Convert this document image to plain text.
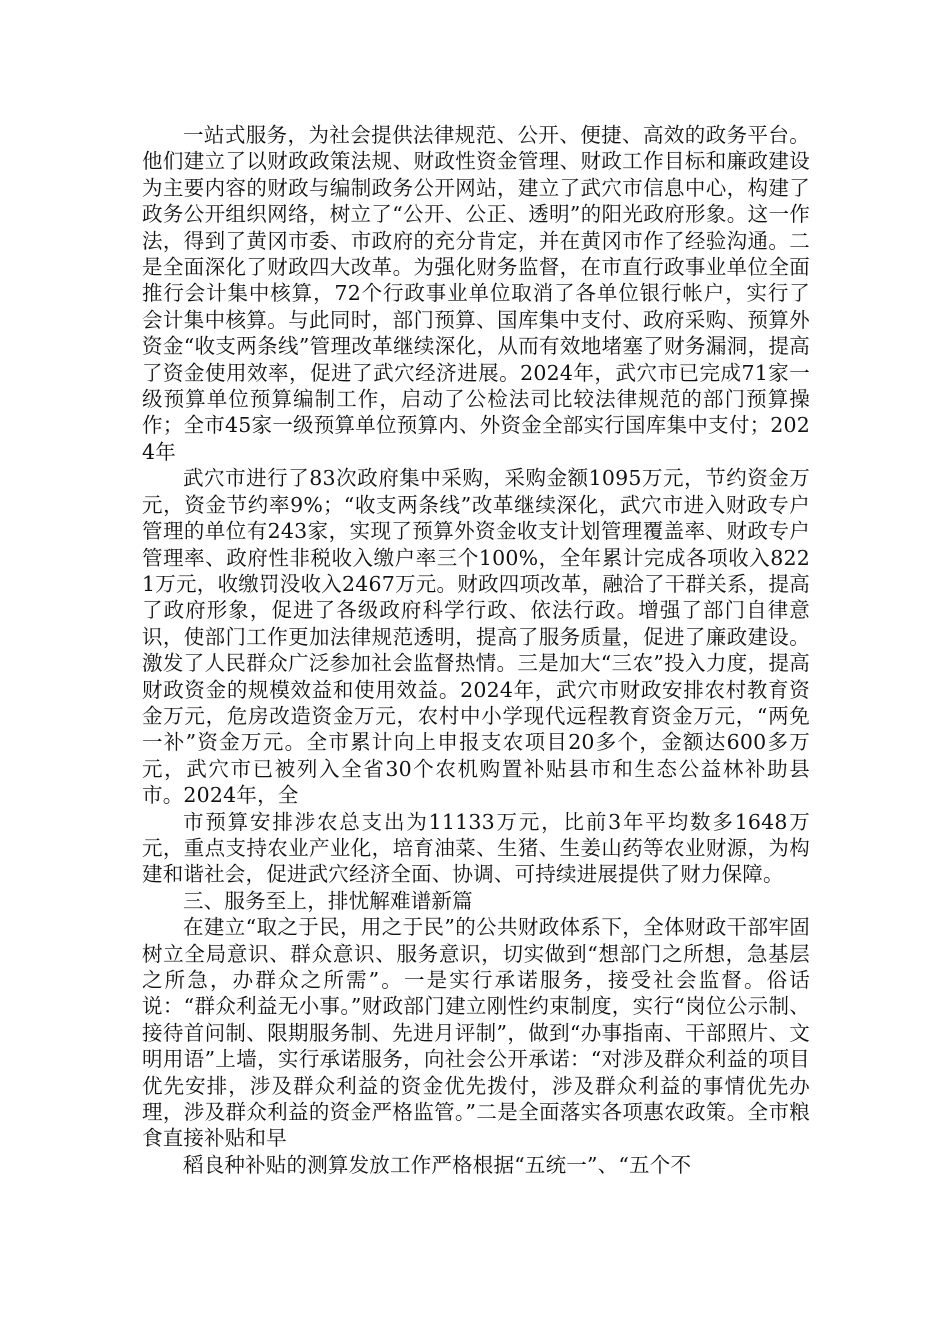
一站式服务，为社会提供法律规范、公开、便捷、高效的政务平台。他们建立了以财政政策法规、财政性资金管理、财政工作目标和廉政建设为主要内容的财政与编制政务公开网站，建立了武穴市信息中心，构建了政务公开组织网络，树立了“公开、公正、透明”的阳光政府形象。这一作法，得到了黄冈市委、市政府的充分肯定，并在黄冈市作了经验沟通。二是全面深化了财政四大改革。为强化财务监督，在市直行政事业单位全面推行会计集中核算，72个行政事业单位取消了各单位银行帐户，实行了会计集中核算。与此同时，部门预算、国库集中支付、政府采购、预算外资金“收支两条线”管理改革继续深化，从而有效地堵塞了财务漏洞，提高了资金使用效率，促进了武穴经济进展。2024年，武穴市已完成71家一级预算单位预算编制工作，启动了公检法司比较法律规范的部门预算操作；全市45家一级预算单位预算内、外资金全部实行国库集中支付；2024年

武穴市进行了83次政府集中采购，采购金额1095万元，节约资金万元，资金节约率9%；“收支两条线”改革继续深化，武穴市进入财政专户管理的单位有243家，实现了预算外资金收支计划管理覆盖率、财政专户管理率、政府性非税收入缴户率三个100%，全年累计完成各项收入8221万元，收缴罚没收入2467万元。财政四项改革，融洽了干群关系，提高了政府形象，促进了各级政府科学行政、依法行政。增强了部门自律意识，使部门工作更加法律规范透明，提高了服务质量，促进了廉政建设。激发了人民群众广泛参加社会监督热情。三是加大“三农”投入力度，提高财政资金的规模效益和使用效益。2024年，武穴市财政安排农村教育资金万元，危房改造资金万元，农村中小学现代远程教育资金万元，“两免一补”资金万元。全市累计向上申报支农项目20多个，金额达600多万元，武穴市已被列入全省30个农机购置补贴县市和生态公益林补助县市。2024年，全

市预算安排涉农总支出为11133万元，比前3年平均数多1648万元，重点支持农业产业化，培育油菜、生猪、生姜山药等农业财源，为构建和谐社会，促进武穴经济全面、协调、可持续进展提供了财力保障。

三、服务至上，排忧解难谱新篇

在建立“取之于民，用之于民”的公共财政体系下，全体财政干部牢固树立全局意识、群众意识、服务意识，切实做到“想部门之所想，急基层之所急，办群众之所需”。一是实行承诺服务，接受社会监督。俗话说：“群众利益无小事。”财政部门建立刚性约束制度，实行“岗位公示制、接待首问制、限期服务制、先进月评制”，做到“办事指南、干部照片、文明用语”上墙，实行承诺服务，向社会公开承诺：“对涉及群众利益的项目优先安排，涉及群众利益的资金优先拨付，涉及群众利益的事情优先办理，涉及群众利益的资金严格监管。”二是全面落实各项惠农政策。全市粮食直接补贴和早

稻良种补贴的测算发放工作严格根据“五统一”、“五个不
